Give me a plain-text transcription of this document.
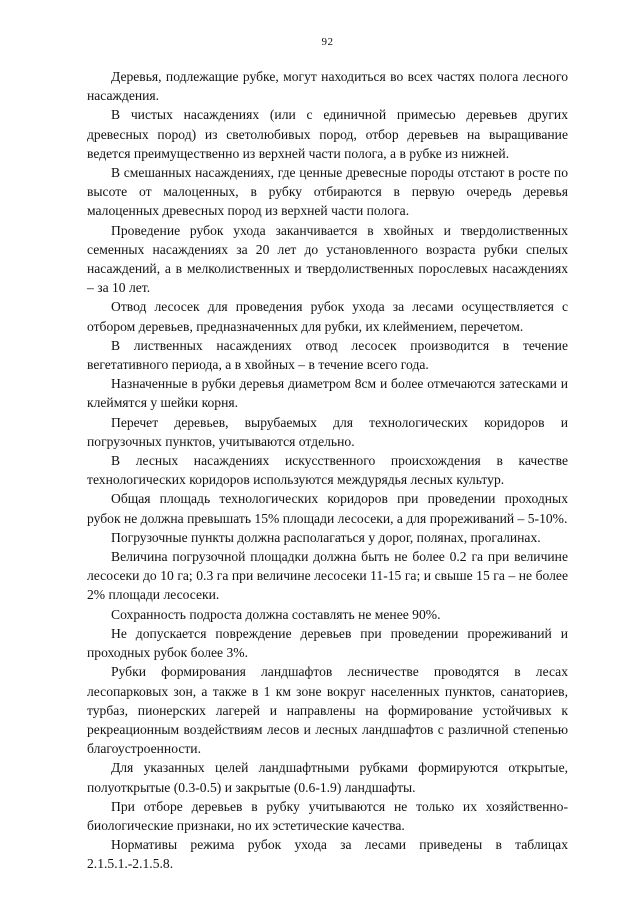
92

Деревья, подлежащие рубке, могут находиться во всех частях полога лесного насаждения.

В чистых насаждениях (или с единичной примесью деревьев других древесных пород) из светолюбивых пород, отбор деревьев на выращивание ведется преимущественно из верхней части полога, а в рубке из нижней.

В смешанных насаждениях, где ценные древесные породы отстают в росте по высоте от малоценных, в рубку отбираются в первую очередь деревья малоценных древесных пород из верхней части полога.

Проведение рубок ухода заканчивается в хвойных и твердолиственных семенных насаждениях за 20 лет до установленного возраста рубки спелых насаждений, а в мелколиственных и твердолиственных порослевых насаждениях – за 10 лет.

Отвод лесосек для проведения рубок ухода за лесами осуществляется с отбором деревьев, предназначенных для рубки, их клеймением, перечетом.

В лиственных насаждениях отвод лесосек производится в течение вегетативного периода, а в хвойных – в течение всего года.

Назначенные в рубки деревья диаметром 8см и более отмечаются затесками и клеймятся у шейки корня.

Перечет деревьев, вырубаемых для технологических коридоров и погрузочных пунктов, учитываются отдельно.

В лесных насаждениях искусственного происхождения в качестве технологических коридоров используются междурядья лесных культур.

Общая площадь технологических коридоров при проведении проходных рубок не должна превышать 15% площади лесосеки, а для прореживаний – 5-10%.

Погрузочные пункты должна располагаться у дорог, полянах, прогалинах.

Величина погрузочной площадки должна быть не более 0.2 га при величине лесосеки до 10 га; 0.3 га при величине лесосеки 11-15 га; и свыше 15 га – не более 2% площади лесосеки.

Сохранность подроста должна составлять не менее 90%.

Не допускается повреждение деревьев при проведении прореживаний и проходных рубок более 3%.

Рубки формирования ландшафтов лесничестве проводятся в лесах лесопарковых зон, а также в 1 км зоне вокруг населенных пунктов, санаториев, турбаз, пионерских лагерей и направлены на формирование устойчивых к рекреационным воздействиям лесов и лесных ландшафтов с различной степенью благоустроенности.

Для указанных целей ландшафтными рубками формируются открытые, полуоткрытые (0.3-0.5) и закрытые (0.6-1.9) ландшафты.

При отборе деревьев в рубку учитываются не только их хозяйственно-биологические признаки, но их эстетические качества.

Нормативы режима рубок ухода за лесами приведены в таблицах 2.1.5.1.-2.1.5.8.
